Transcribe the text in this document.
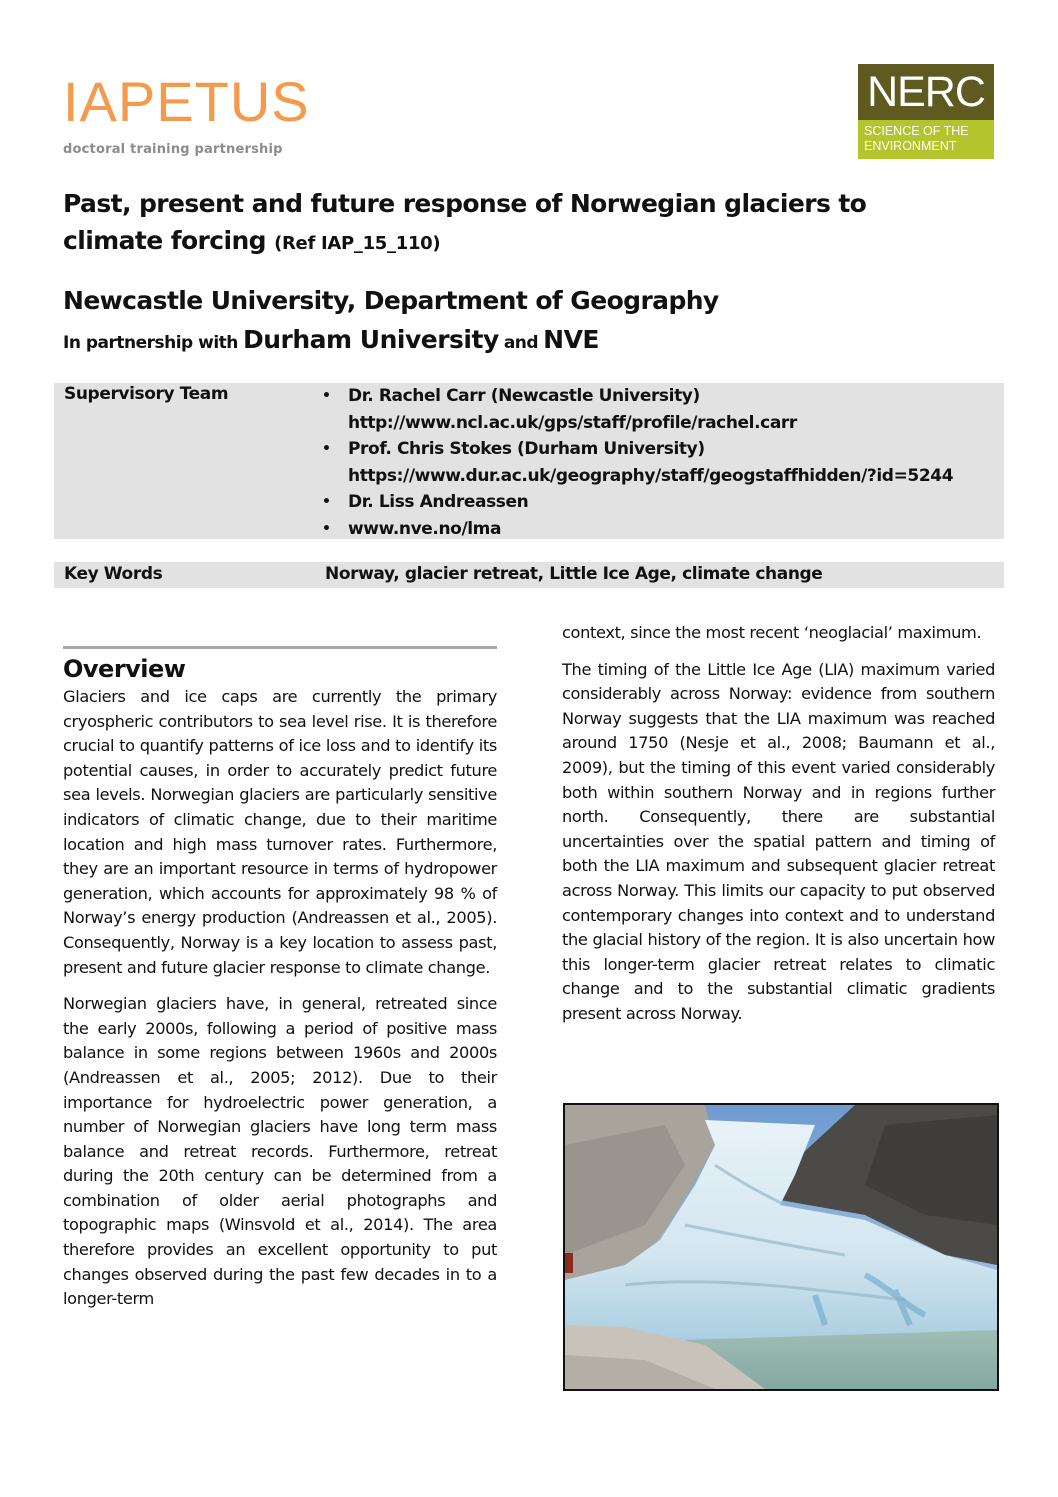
IAPETUS
doctoral training partnership
NERC
SCIENCE OF THE
ENVIRONMENT
Past, present and future response of Norwegian glaciers to climate forcing (Ref IAP_15_110)
Newcastle University, Department of Geography
In partnership with Durham University and NVE
Supervisory Team	• Dr. Rachel Carr (Newcastle University)
http://www.ncl.ac.uk/gps/staff/profile/rachel.carr
• Prof. Chris Stokes (Durham University)
https://www.dur.ac.uk/geography/staff/geogstaffhidden/?id=5244
• Dr. Liss Andreassen
• www.nve.no/lma
Key Words	Norway, glacier retreat, Little Ice Age, climate change
Overview

Glaciers and ice caps are currently the primary cryospheric contributors to sea level rise. It is therefore crucial to quantify patterns of ice loss and to identify its potential causes, in order to accurately predict future sea levels. Norwegian glaciers are particularly sensitive indicators of climatic change, due to their maritime location and high mass turnover rates. Furthermore, they are an important resource in terms of hydropower generation, which accounts for approximately 98 % of Norway’s energy production (Andreassen et al., 2005). Consequently, Norway is a key location to assess past, present and future glacier response to climate change.

Norwegian glaciers have, in general, retreated since the early 2000s, following a period of positive mass balance in some regions between 1960s and 2000s (Andreassen et al., 2005; 2012). Due to their importance for hydroelectric power generation, a number of Norwegian glaciers have long term mass balance and retreat records. Furthermore, retreat during the 20th century can be determined from a combination of older aerial photographs and topographic maps (Winsvold et al., 2014). The area therefore provides an excellent opportunity to put changes observed during the past few decades in to a longer-term

context, since the most recent ‘neoglacial’ maximum.

The timing of the Little Ice Age (LIA) maximum varied considerably across Norway: evidence from southern Norway suggests that the LIA maximum was reached around 1750 (Nesje et al., 2008; Baumann et al., 2009), but the timing of this event varied considerably both within southern Norway and in regions further north. Consequently, there are substantial uncertainties over the spatial pattern and timing of both the LIA maximum and subsequent glacier retreat across Norway. This limits our capacity to put observed contemporary changes into context and to understand the glacial history of the region. It is also uncertain how this longer-term glacier retreat relates to climatic change and to the substantial climatic gradients present across Norway.
